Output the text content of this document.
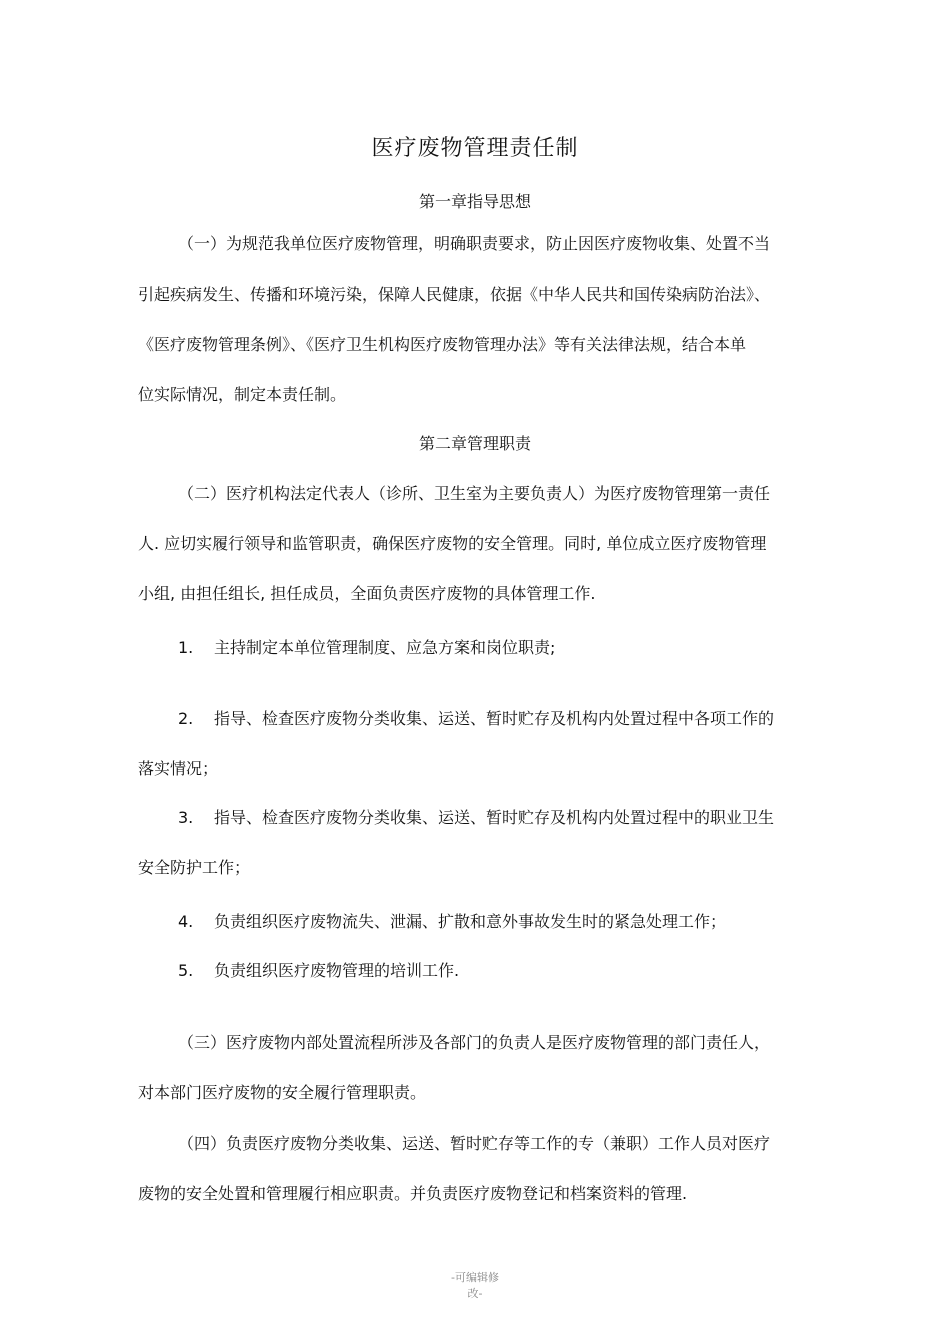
医疗废物管理责任制
第一章指导思想
（一）为规范我单位医疗废物管理，明确职责要求，防止因医疗废物收集、处置不当
引起疾病发生、传播和环境污染，保障人民健康，依据《中华人民共和国传染病防治法》、
《医疗废物管理条例》、《医疗卫生机构医疗废物管理办法》等有关法律法规，结合本单
位实际情况，制定本责任制。
第二章管理职责
（二）医疗机构法定代表人（诊所、卫生室为主要负责人）为医疗废物管理第一责任
人. 应切实履行领导和监管职责，确保医疗废物的安全管理。同时, 单位成立医疗废物管理
小组, 由担任组长, 担任成员，全面负责医疗废物的具体管理工作.
1. 主持制定本单位管理制度、应急方案和岗位职责;
2. 指导、检查医疗废物分类收集、运送、暂时贮存及机构内处置过程中各项工作的
落实情况；
3. 指导、检查医疗废物分类收集、运送、暂时贮存及机构内处置过程中的职业卫生
安全防护工作；
4. 负责组织医疗废物流失、泄漏、扩散和意外事故发生时的紧急处理工作；
5. 负责组织医疗废物管理的培训工作.
（三）医疗废物内部处置流程所涉及各部门的负责人是医疗废物管理的部门责任人，
对本部门医疗废物的安全履行管理职责。
（四）负责医疗废物分类收集、运送、暂时贮存等工作的专（兼职）工作人员对医疗
废物的安全处置和管理履行相应职责。并负责医疗废物登记和档案资料的管理.
-可编辑修
改-
